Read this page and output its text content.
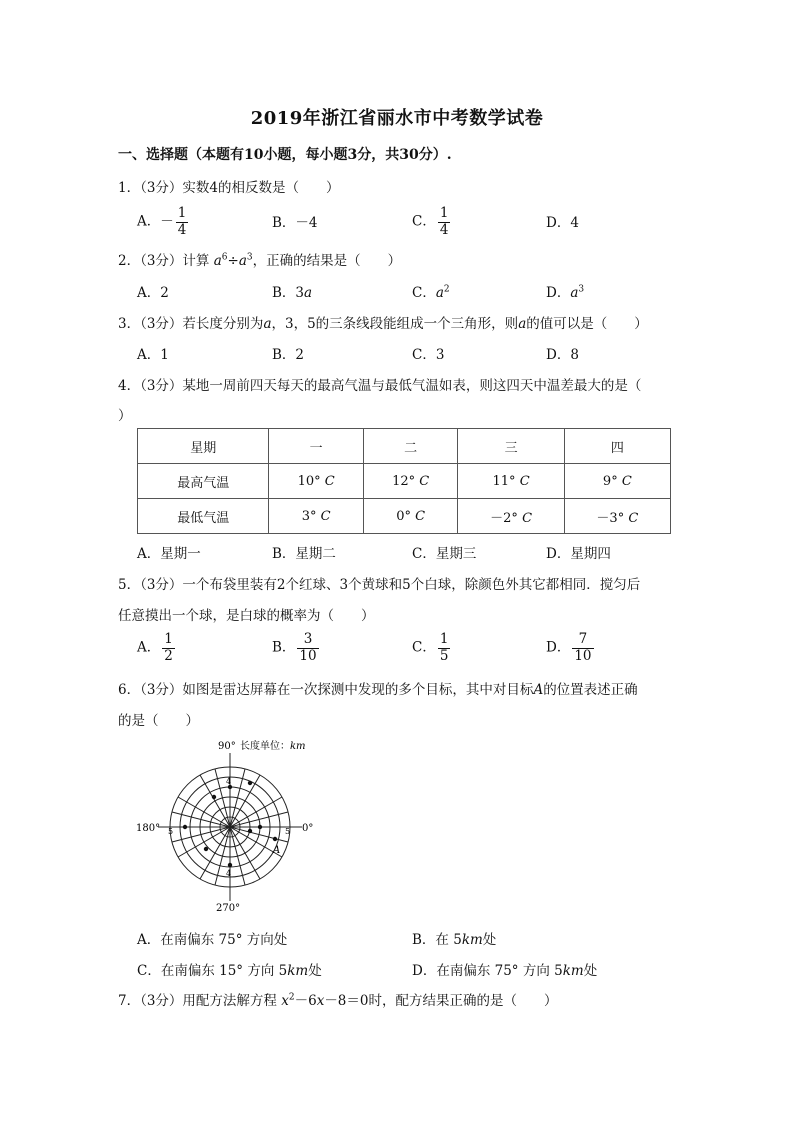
2019年浙江省丽水市中考数学试卷
一、选择题（本题有10小题，每小题3分，共30分）.
1．（3分）实数4的相反数是（　　）
A．－ $\frac{1}{4}$	B．－4	C． $\frac{1}{4}$	D．4
2．（3分）计算 $a^6\div a^3$，正确的结果是（　　）
A．2	B．3a	C．$a^2$	D．$a^3$
3．（3分）若长度分别为a，3，5的三条线段能组成一个三角形，则a的值可以是（　　）
A．1	B．2	C．3	D．8
4．（3分）某地一周前四天每天的最高气温与最低气温如表，则这四天中温差最大的是（
）
星期	一	二	三	四
最高气温	10° C	12° C	11° C	9° C
最低气温	3° C	0° C	－2° C	－3° C
A．星期一	B．星期二	C．星期三	D．星期四
5．（3分）一个布袋里装有2个红球、3个黄球和5个白球，除颜色外其它都相同．搅匀后
任意摸出一个球，是白球的概率为（　　）
A． $\frac{1}{2}$	B． $\frac{3}{10}$	C． $\frac{1}{5}$	D． $\frac{7}{10}$
6．（3分）如图是雷达屏幕在一次探测中发现的多个目标，其中对目标A的位置表述正确
的是（　　）
180°	0°
90° 长度单位：km
270°
5	5
4
4
A
A．在南偏东 75° 方向处	B．在 5km处
C．在南偏东 15° 方向 5km处	D．在南偏东 75° 方向 5km处
7．（3分）用配方法解方程 $x^2-6x-8=0$时，配方结果正确的是（　　）
